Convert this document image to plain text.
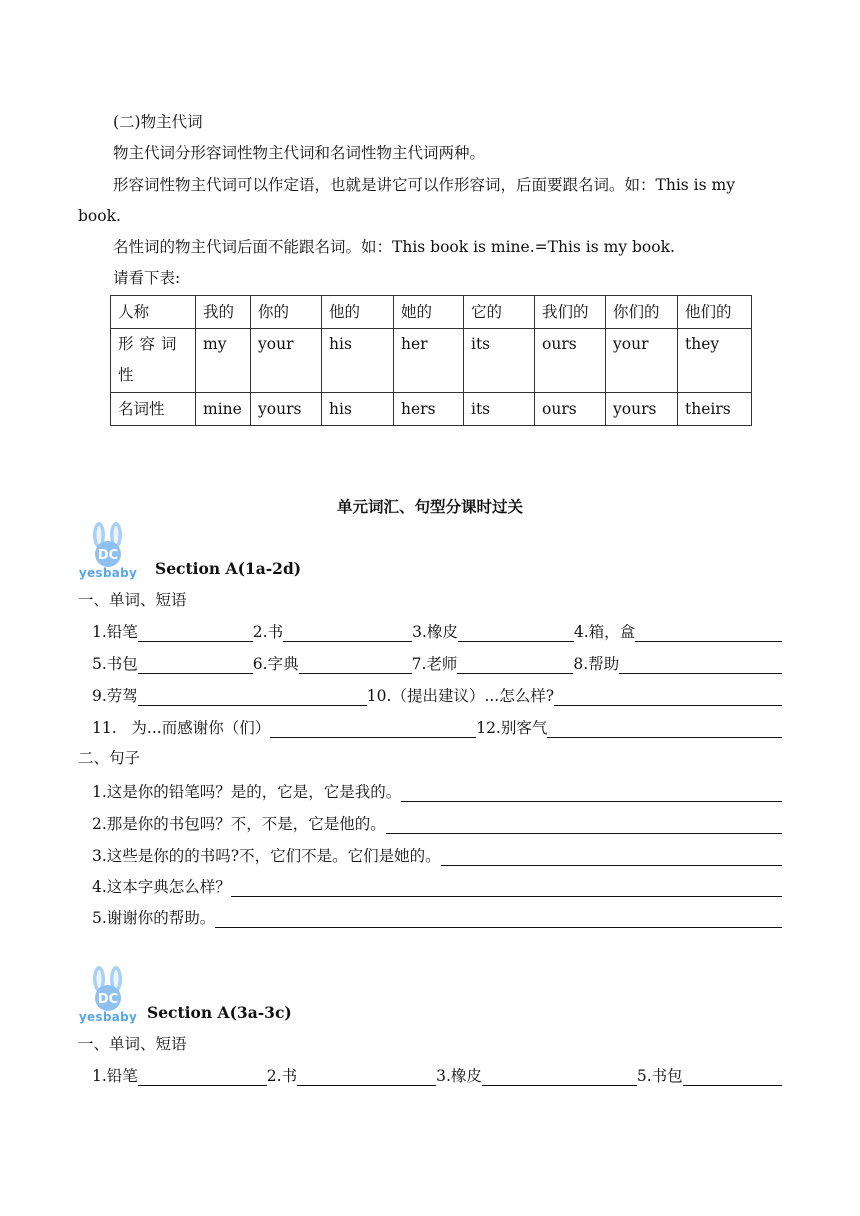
(二)物主代词
物主代词分形容词性物主代词和名词性物主代词两种。
形容词性物主代词可以作定语，也就是讲它可以作形容词，后面要跟名词。如：This is my
book.
名性词的物主代词后面不能跟名词。如：This book is mine.=This is my book.
请看下表:
人称	我的	你的	他的	她的	它的	我们的	你们的	他们的
形容词性	my	your	his	her	its	ours	your	they
名词性	mine	yours	his	hers	its	ours	yours	theirs
单元词汇、句型分课时过关
DC
yesbaby Section A(1a-2d)
一、单词、短语
1.铅笔	2.书	3.橡皮	4.箱，盒
5.书包	6.字典	7.老师	8.帮助
9.劳驾	10.（提出建议）...怎么样?
11.   为...而感谢你（们）	12.别客气
二、句子
1.这是你的铅笔吗？是的，它是，它是我的。
2.那是你的书包吗？不，不是，它是他的。
3.这些是你的的书吗?不，它们不是。它们是她的。
4.这本字典怎么样？
5.谢谢你的帮助。
DC
yesbaby Section A(3a-3c)
一、单词、短语
1.铅笔	2.书	3.橡皮	5.书包
